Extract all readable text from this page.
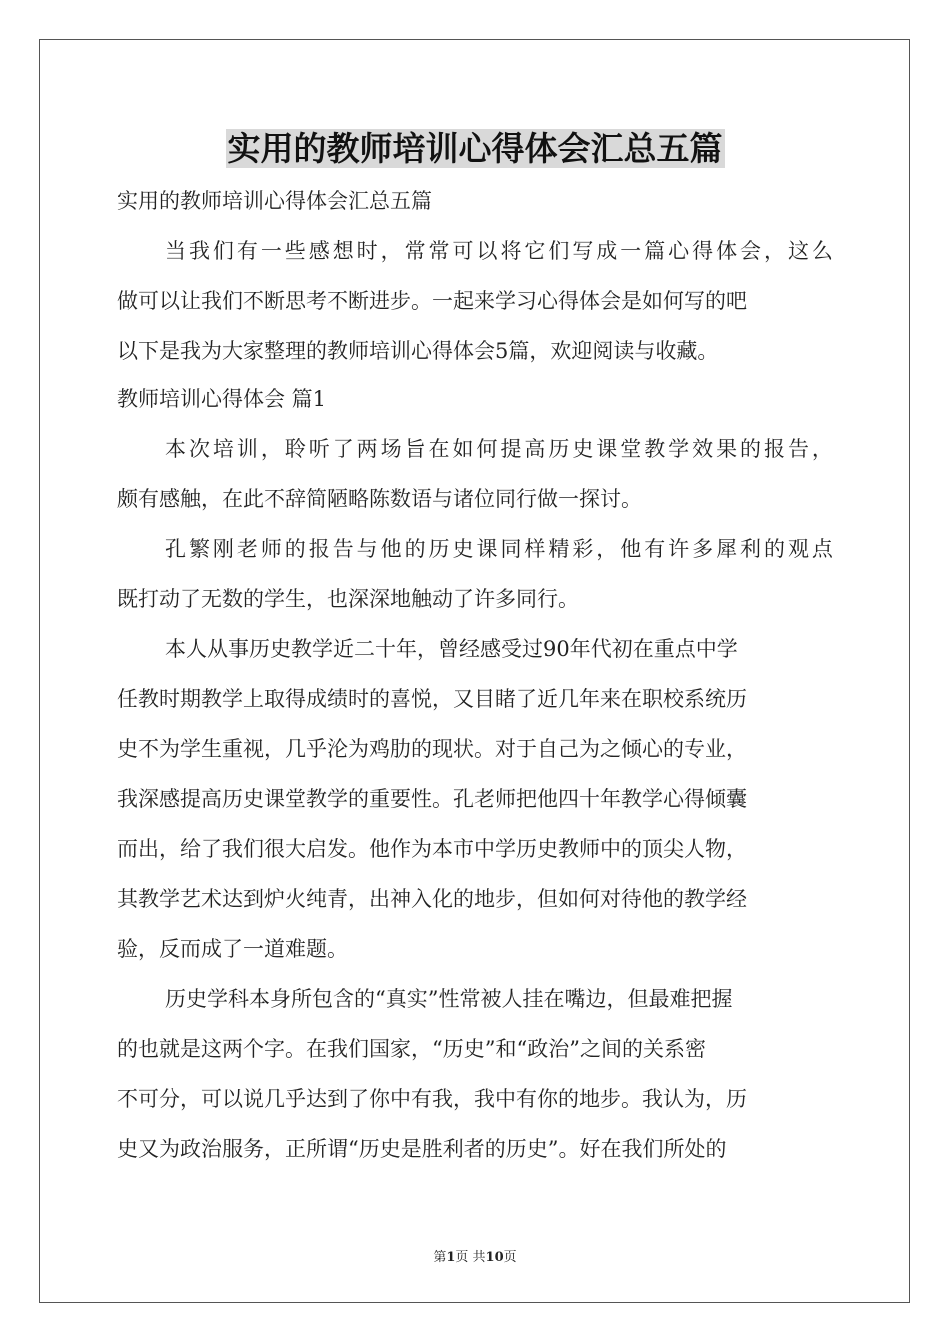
实用的教师培训心得体会汇总五篇
实用的教师培训心得体会汇总五篇
当我们有一些感想时，常常可以将它们写成一篇心得体会，这么
做可以让我们不断思考不断进步。一起来学习心得体会是如何写的吧
以下是我为大家整理的教师培训心得体会5篇，欢迎阅读与收藏。
教师培训心得体会 篇1
本次培训，聆听了两场旨在如何提高历史课堂教学效果的报告，
颇有感触，在此不辞简陋略陈数语与诸位同行做一探讨。
孔繁刚老师的报告与他的历史课同样精彩，他有许多犀利的观点
既打动了无数的学生，也深深地触动了许多同行。
本人从事历史教学近二十年，曾经感受过90年代初在重点中学
任教时期教学上取得成绩时的喜悦，又目睹了近几年来在职校系统历
史不为学生重视，几乎沦为鸡肋的现状。对于自己为之倾心的专业，
我深感提高历史课堂教学的重要性。孔老师把他四十年教学心得倾囊
而出，给了我们很大启发。他作为本市中学历史教师中的顶尖人物，
其教学艺术达到炉火纯青，出神入化的地步，但如何对待他的教学经
验，反而成了一道难题。
历史学科本身所包含的“真实”性常被人挂在嘴边，但最难把握
的也就是这两个字。在我们国家，“历史”和“政治”之间的关系密
不可分，可以说几乎达到了你中有我，我中有你的地步。我认为，历
史又为政治服务，正所谓“历史是胜利者的历史”。好在我们所处的
第1页 共10页
